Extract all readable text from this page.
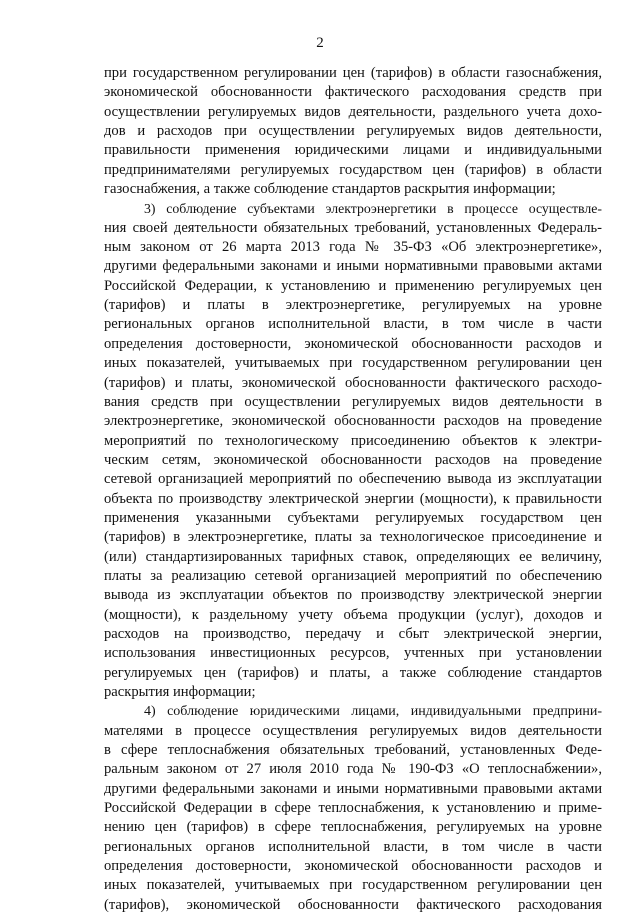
2
при государственном регулировании цен (тарифов) в области газоснабжения,
экономической обоснованности фактического расходования средств при
осуществлении регулируемых видов деятельности, раздельного учета дохо-
дов и расходов при осуществлении регулируемых видов деятельности,
правильности применения юридическими лицами и индивидуальными
предпринимателями регулируемых государством цен (тарифов) в области
газоснабжения, а также соблюдение стандартов раскрытия информации;
3) соблюдение субъектами электроэнергетики в процессе осуществле-
ния своей деятельности обязательных требований, установленных Федераль-
ным законом от 26 марта 2013 года № 35-ФЗ «Об электроэнергетике»,
другими федеральными законами и иными нормативными правовыми актами
Российской Федерации, к установлению и применению регулируемых цен
(тарифов) и платы в электроэнергетике, регулируемых на уровне
региональных органов исполнительной власти, в том числе в части
определения достоверности, экономической обоснованности расходов и
иных показателей, учитываемых при государственном регулировании цен
(тарифов) и платы, экономической обоснованности фактического расходо-
вания средств при осуществлении регулируемых видов деятельности в
электроэнергетике, экономической обоснованности расходов на проведение
мероприятий по технологическому присоединению объектов к электри-
ческим сетям, экономической обоснованности расходов на проведение
сетевой организацией мероприятий по обеспечению вывода из эксплуатации
объекта по производству электрической энергии (мощности), к правильности
применения указанными субъектами регулируемых государством цен
(тарифов) в электроэнергетике, платы за технологическое присоединение и
(или) стандартизированных тарифных ставок, определяющих ее величину,
платы за реализацию сетевой организацией мероприятий по обеспечению
вывода из эксплуатации объектов по производству электрической энергии
(мощности), к раздельному учету объема продукции (услуг), доходов и
расходов на производство, передачу и сбыт электрической энергии,
использования инвестиционных ресурсов, учтенных при установлении
регулируемых цен (тарифов) и платы, а также соблюдение стандартов
раскрытия информации;
4) соблюдение юридическими лицами, индивидуальными предприни-
мателями в процессе осуществления регулируемых видов деятельности
в сфере теплоснабжения обязательных требований, установленных Феде-
ральным законом от 27 июля 2010 года № 190-ФЗ «О теплоснабжении»,
другими федеральными законами и иными нормативными правовыми актами
Российской Федерации в сфере теплоснабжения, к установлению и приме-
нению цен (тарифов) в сфере теплоснабжения, регулируемых на уровне
региональных органов исполнительной власти, в том числе в части
определения достоверности, экономической обоснованности расходов и
иных показателей, учитываемых при государственном регулировании цен
(тарифов), экономической обоснованности фактического расходования
